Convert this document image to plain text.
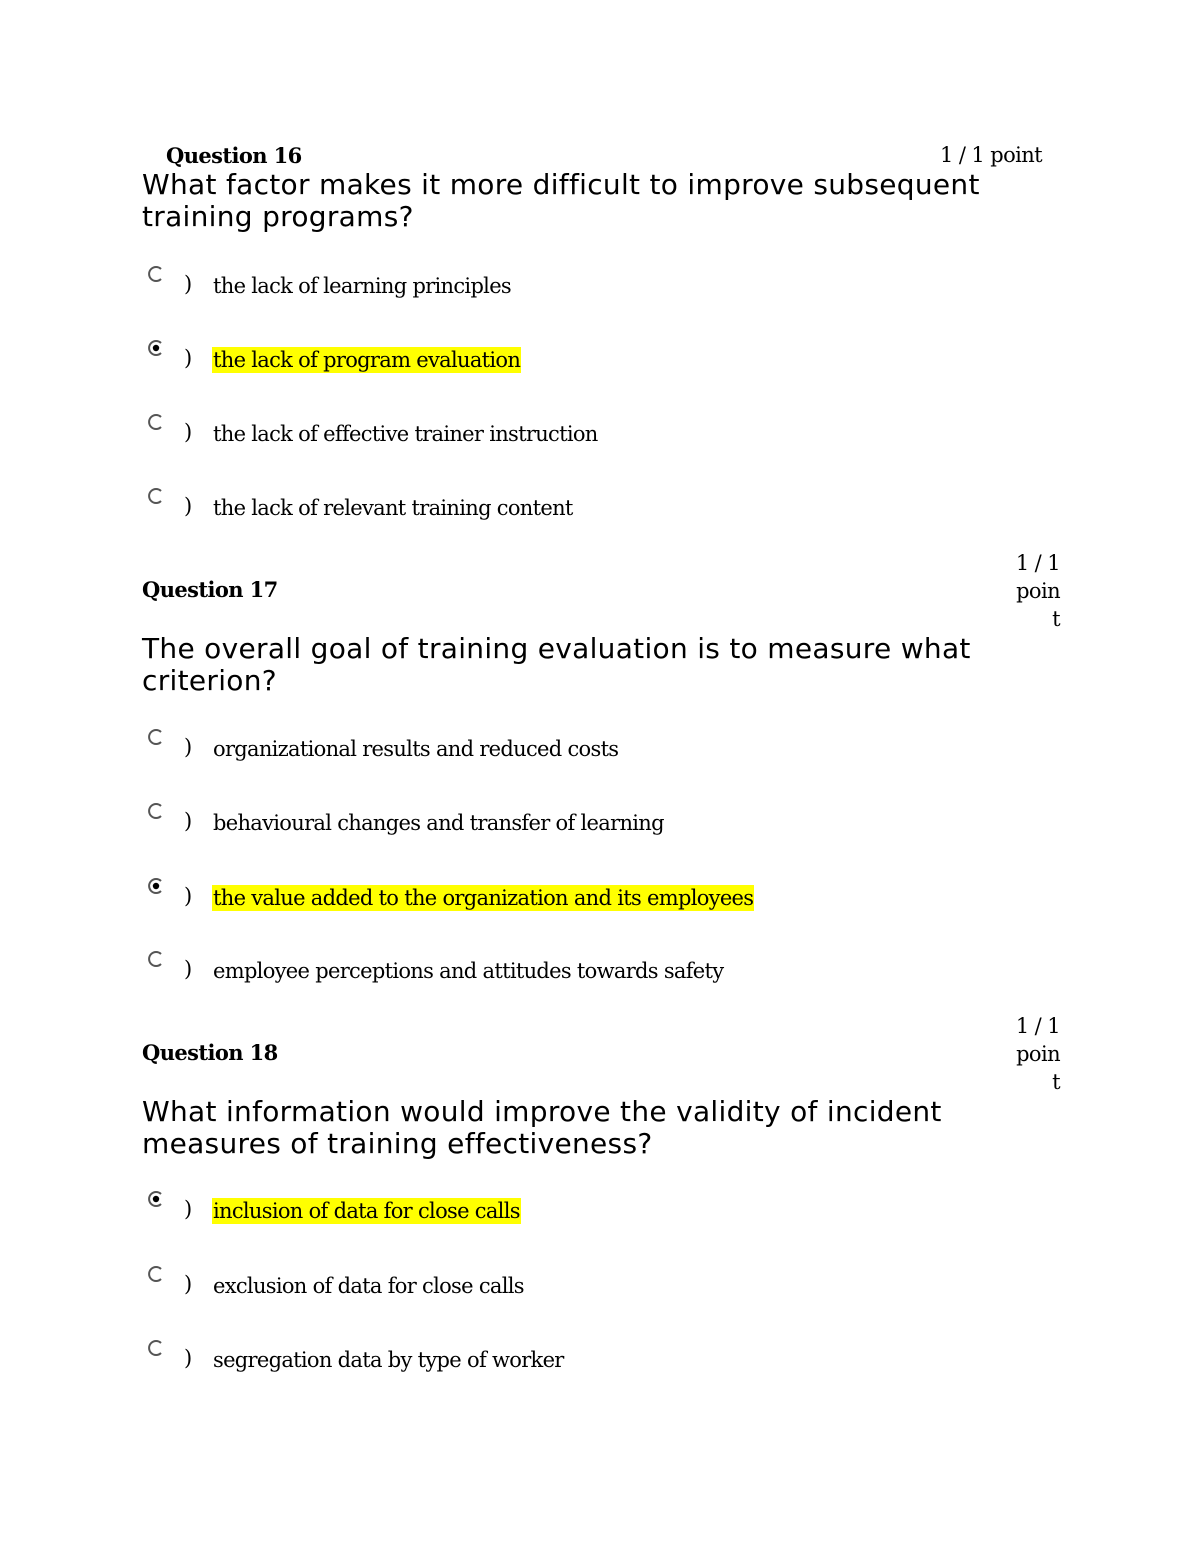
Question 16	1 / 1 point
What factor makes it more difficult to improve subsequent training programs?
) the lack of learning principles
) the lack of program evaluation
) the lack of effective trainer instruction
) the lack of relevant training content
Question 17
1 / 1
poin
t
The overall goal of training evaluation is to measure what criterion?
) organizational results and reduced costs
) behavioural changes and transfer of learning
) the value added to the organization and its employees
) employee perceptions and attitudes towards safety
Question 18
1 / 1
poin
t
What information would improve the validity of incident measures of training effectiveness?
) inclusion of data for close calls
) exclusion of data for close calls
) segregation data by type of worker
